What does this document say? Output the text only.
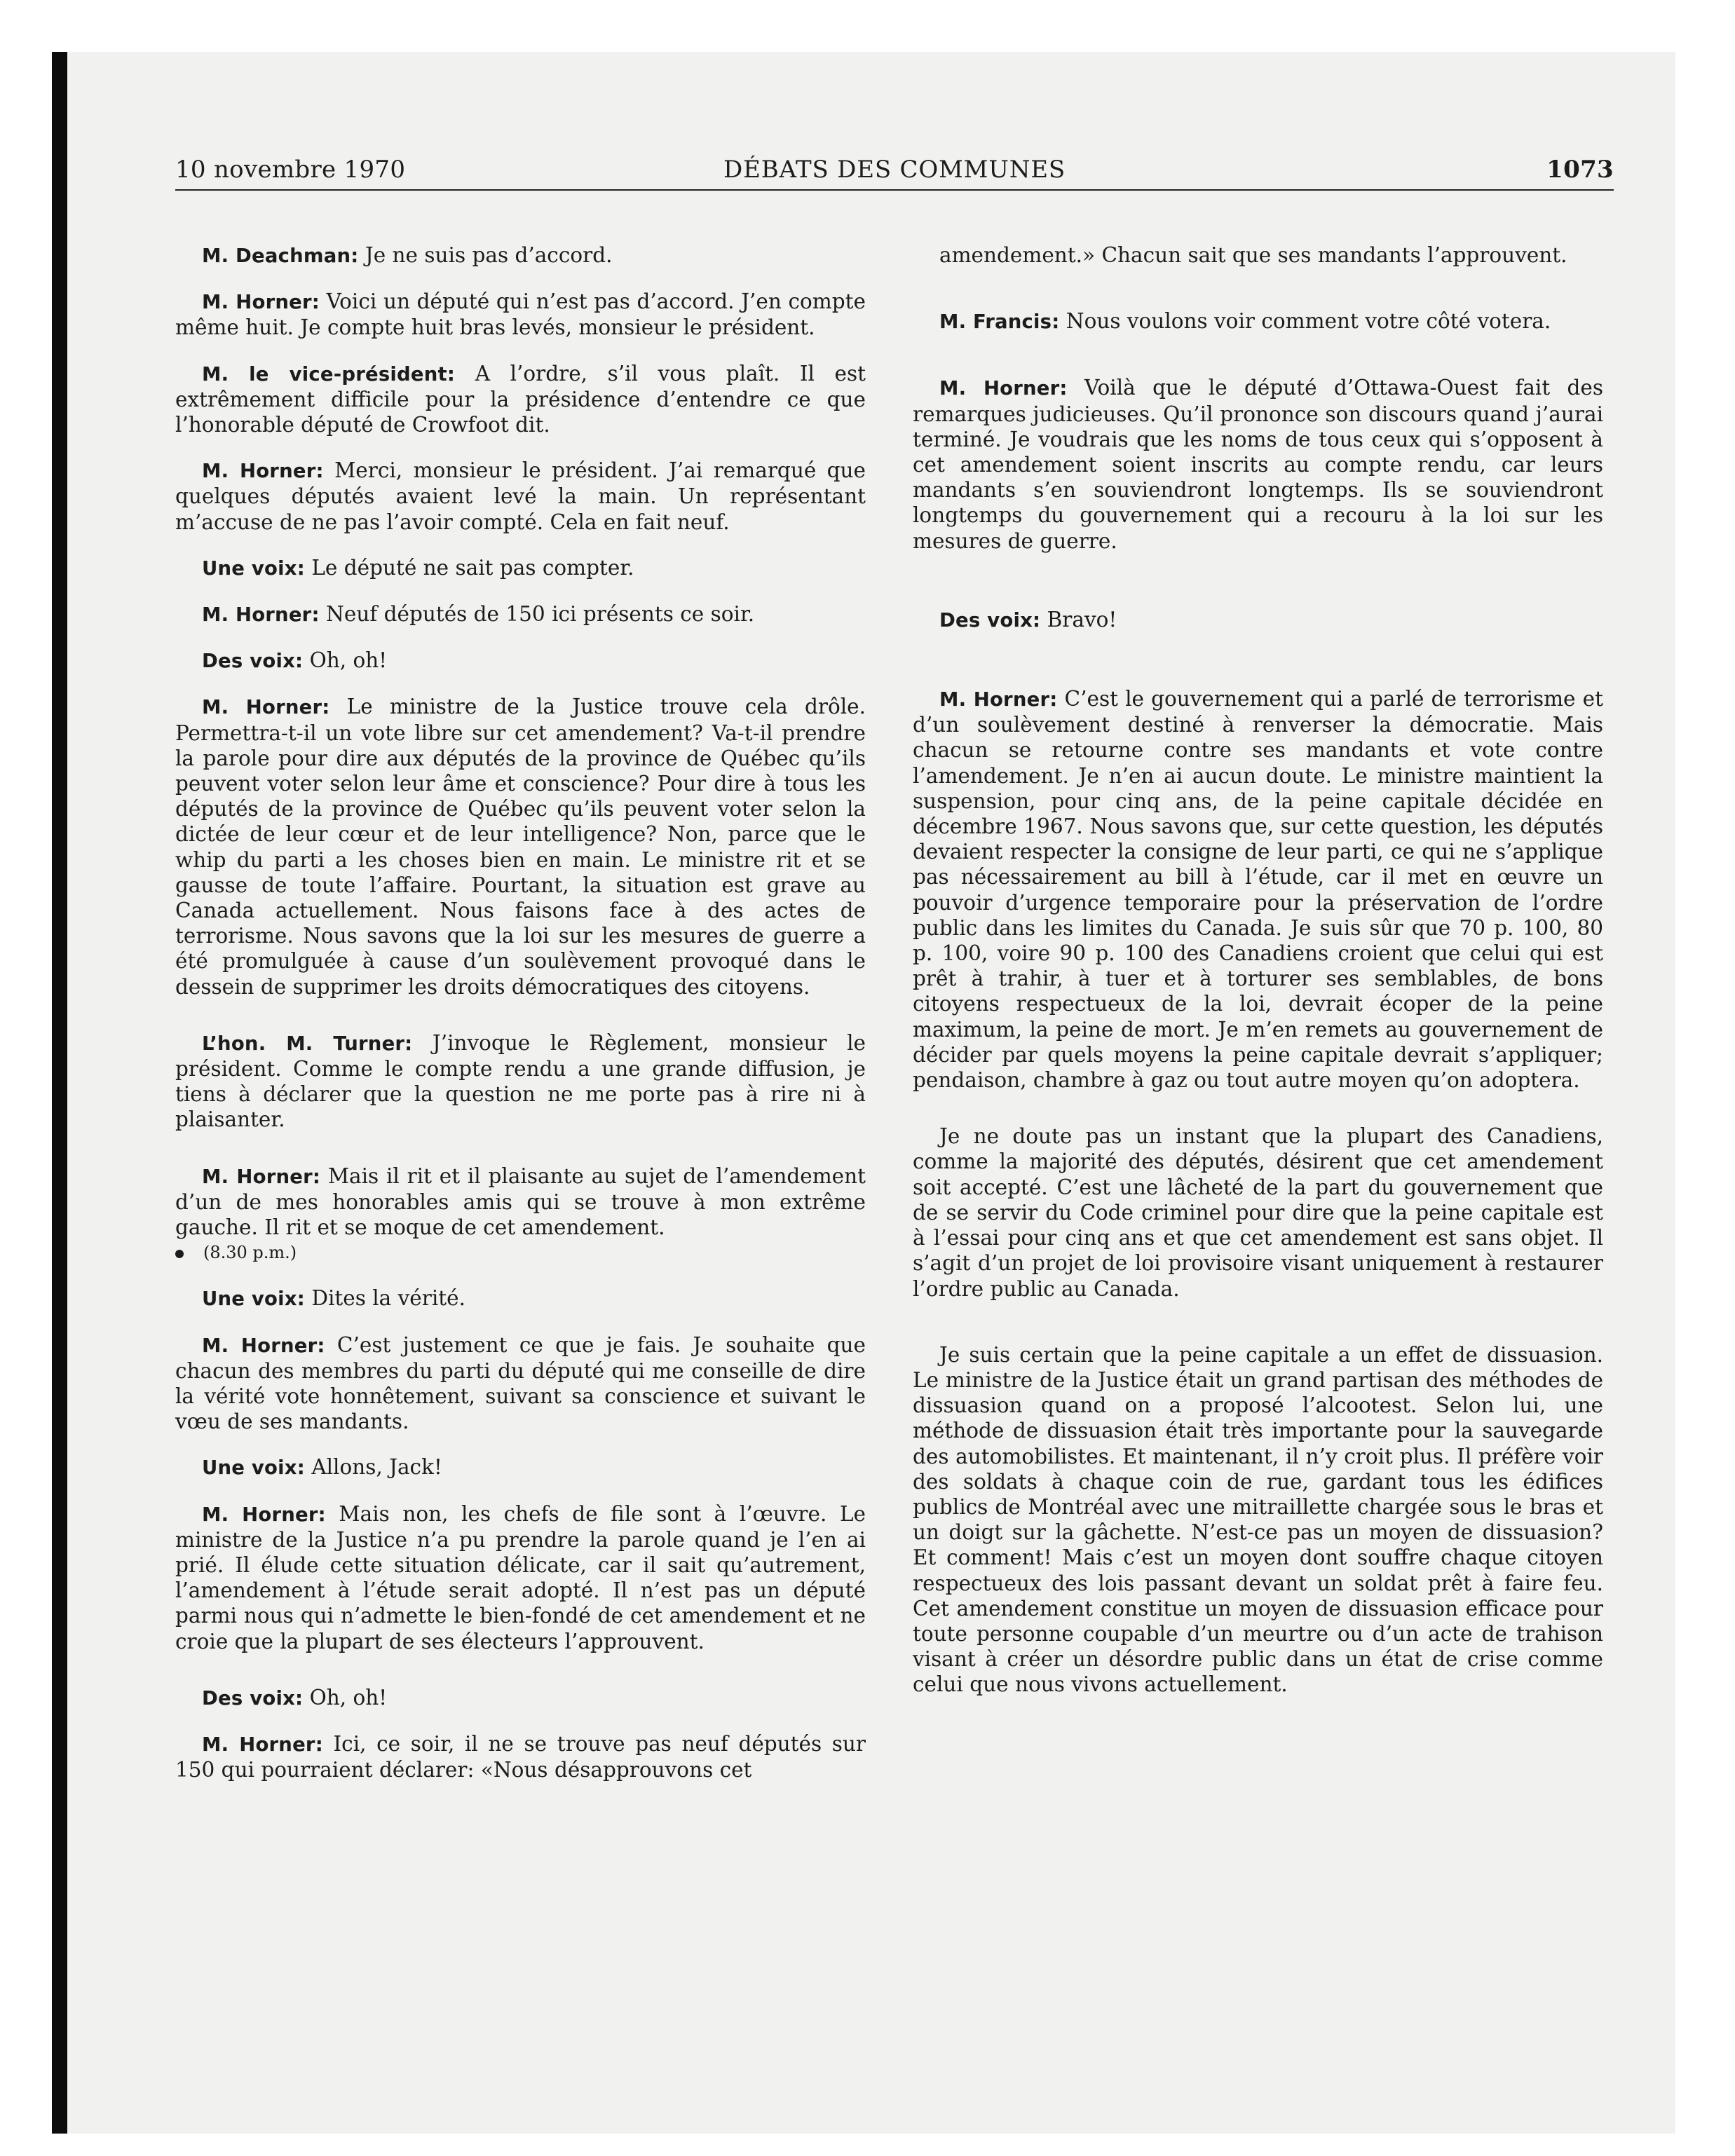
10 novembre 1970	DÉBATS DES COMMUNES	1073

M. Deachman: Je ne suis pas d’accord.

M. Horner: Voici un député qui n’est pas d’accord. J’en compte même huit. Je compte huit bras levés, monsieur le président.

M. le vice-président: A l’ordre, s’il vous plaît. Il est extrêmement difficile pour la présidence d’entendre ce que l’honorable député de Crowfoot dit.

M. Horner: Merci, monsieur le président. J’ai remarqué que quelques députés avaient levé la main. Un représentant m’accuse de ne pas l’avoir compté. Cela en fait neuf.

Une voix: Le député ne sait pas compter.

M. Horner: Neuf députés de 150 ici présents ce soir.

Des voix: Oh, oh!

M. Horner: Le ministre de la Justice trouve cela drôle. Permettra-t-il un vote libre sur cet amendement? Va-t-il prendre la parole pour dire aux députés de la province de Québec qu’ils peuvent voter selon leur âme et conscience? Pour dire à tous les députés de la province de Québec qu’ils peuvent voter selon la dictée de leur cœur et de leur intelligence? Non, parce que le whip du parti a les choses bien en main. Le ministre rit et se gausse de toute l’affaire. Pourtant, la situation est grave au Canada actuellement. Nous faisons face à des actes de terrorisme. Nous savons que la loi sur les mesures de guerre a été promulguée à cause d’un soulèvement provoqué dans le dessein de supprimer les droits démocratiques des citoyens.

L’hon. M. Turner: J’invoque le Règlement, monsieur le président. Comme le compte rendu a une grande diffusion, je tiens à déclarer que la question ne me porte pas à rire ni à plaisanter.

M. Horner: Mais il rit et il plaisante au sujet de l’amendement d’un de mes honorables amis qui se trouve à mon extrême gauche. Il rit et se moque de cet amendement.

(8.30 p.m.)

Une voix: Dites la vérité.

M. Horner: C’est justement ce que je fais. Je souhaite que chacun des membres du parti du député qui me conseille de dire la vérité vote honnêtement, suivant sa conscience et suivant le vœu de ses mandants.

Une voix: Allons, Jack!

M. Horner: Mais non, les chefs de file sont à l’œuvre. Le ministre de la Justice n’a pu prendre la parole quand je l’en ai prié. Il élude cette situation délicate, car il sait qu’autrement, l’amendement à l’étude serait adopté. Il n’est pas un député parmi nous qui n’admette le bien-fondé de cet amendement et ne croie que la plupart de ses électeurs l’approuvent.

Des voix: Oh, oh!

M. Horner: Ici, ce soir, il ne se trouve pas neuf députés sur 150 qui pourraient déclarer: «Nous désapprouvons cet

amendement.» Chacun sait que ses mandants l’approuvent.

M. Francis: Nous voulons voir comment votre côté votera.

M. Horner: Voilà que le député d’Ottawa-Ouest fait des remarques judicieuses. Qu’il prononce son discours quand j’aurai terminé. Je voudrais que les noms de tous ceux qui s’opposent à cet amendement soient inscrits au compte rendu, car leurs mandants s’en souviendront longtemps. Ils se souviendront longtemps du gouvernement qui a recouru à la loi sur les mesures de guerre.

Des voix: Bravo!

M. Horner: C’est le gouvernement qui a parlé de terrorisme et d’un soulèvement destiné à renverser la démocratie. Mais chacun se retourne contre ses mandants et vote contre l’amendement. Je n’en ai aucun doute. Le ministre maintient la suspension, pour cinq ans, de la peine capitale décidée en décembre 1967. Nous savons que, sur cette question, les députés devaient respecter la consigne de leur parti, ce qui ne s’applique pas nécessairement au bill à l’étude, car il met en œuvre un pouvoir d’urgence temporaire pour la préservation de l’ordre public dans les limites du Canada. Je suis sûr que 70 p. 100, 80 p. 100, voire 90 p. 100 des Canadiens croient que celui qui est prêt à trahir, à tuer et à torturer ses semblables, de bons citoyens respectueux de la loi, devrait écoper de la peine maximum, la peine de mort. Je m’en remets au gouvernement de décider par quels moyens la peine capitale devrait s’appliquer; pendaison, chambre à gaz ou tout autre moyen qu’on adoptera.

Je ne doute pas un instant que la plupart des Canadiens, comme la majorité des députés, désirent que cet amendement soit accepté. C’est une lâcheté de la part du gouvernement que de se servir du Code criminel pour dire que la peine capitale est à l’essai pour cinq ans et que cet amendement est sans objet. Il s’agit d’un projet de loi provisoire visant uniquement à restaurer l’ordre public au Canada.

Je suis certain que la peine capitale a un effet de dissuasion. Le ministre de la Justice était un grand partisan des méthodes de dissuasion quand on a proposé l’alcootest. Selon lui, une méthode de dissuasion était très importante pour la sauvegarde des automobilistes. Et maintenant, il n’y croit plus. Il préfère voir des soldats à chaque coin de rue, gardant tous les édifices publics de Montréal avec une mitraillette chargée sous le bras et un doigt sur la gâchette. N’est-ce pas un moyen de dissuasion? Et comment! Mais c’est un moyen dont souffre chaque citoyen respectueux des lois passant devant un soldat prêt à faire feu. Cet amendement constitue un moyen de dissuasion efficace pour toute personne coupable d’un meurtre ou d’un acte de trahison visant à créer un désordre public dans un état de crise comme celui que nous vivons actuellement.
